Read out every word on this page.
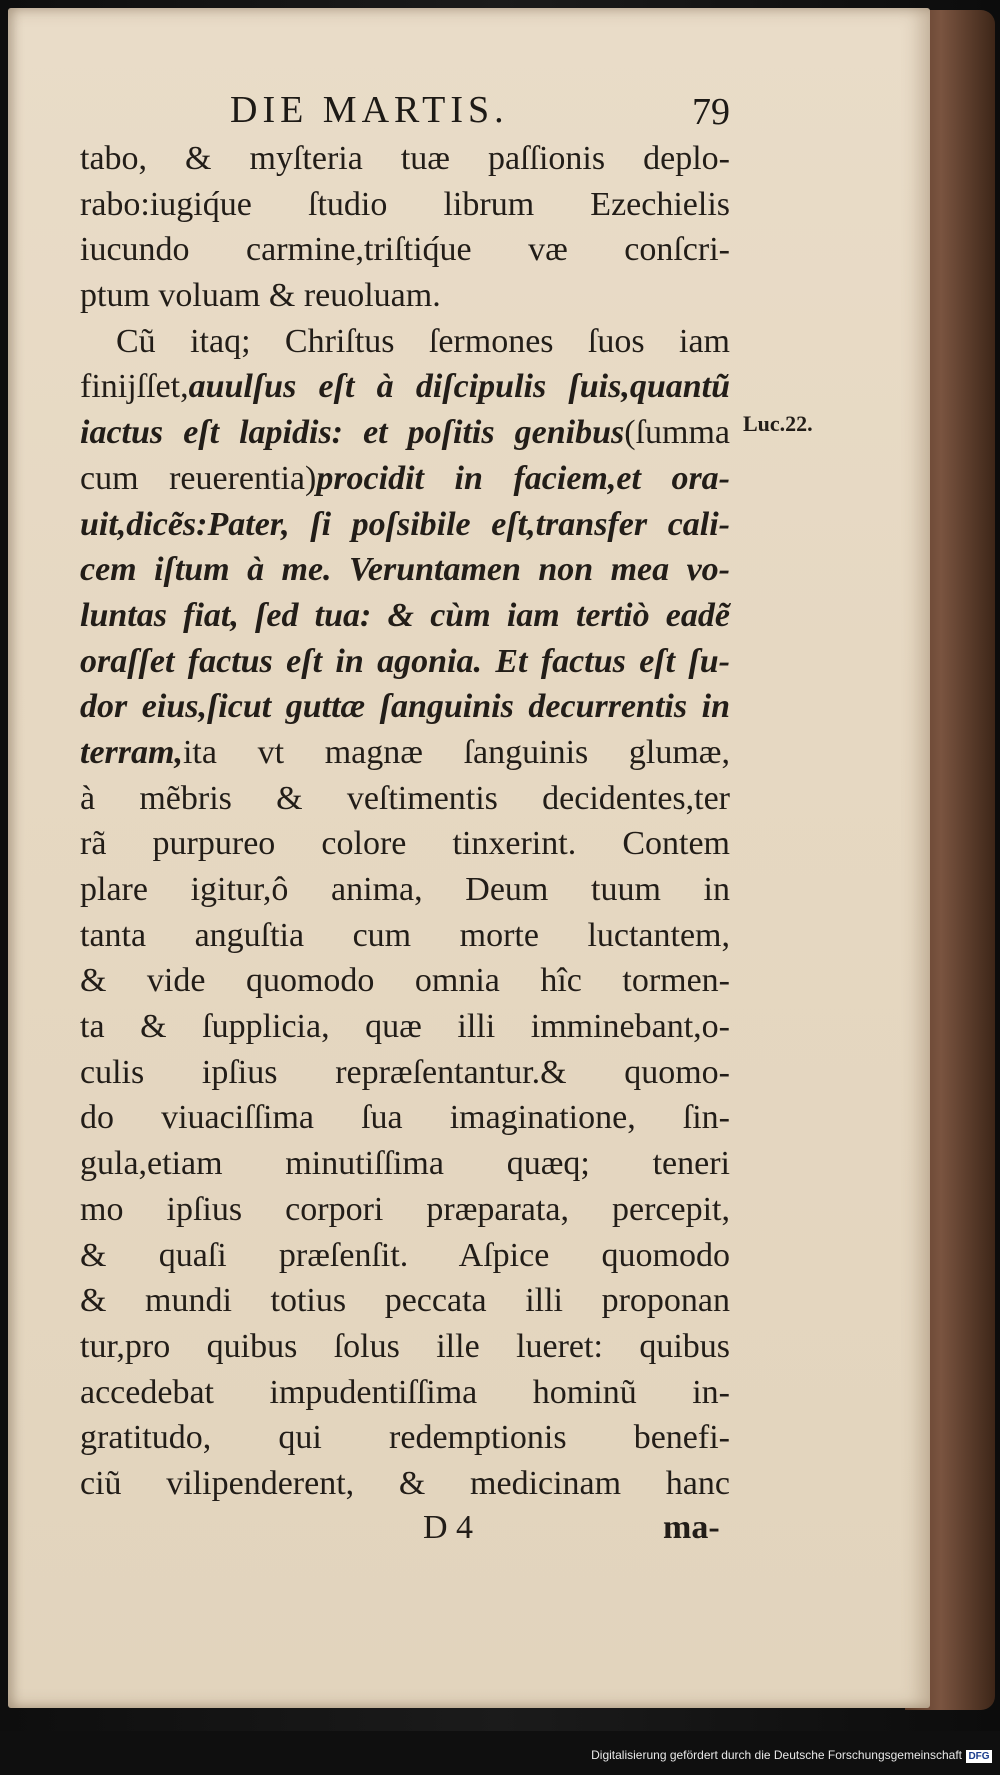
DIE MARTIS.	79
tabo, & myſteria tuæ paſſionis deplo-
rabo:iugiq́ue ſtudio librum Ezechielis
iucundo carmine,triſtiq́ue væ conſcri-
ptum voluam & reuoluam.
Cũ itaq; Chriſtus ſermones ſuos iam
finijſſet,auulſus eſt à diſcipulis ſuis,quantũ
iactus eſt lapidis: et poſitis genibus(ſumma
cum reuerentia)procidit in faciem,et ora-
uit,dicẽs:Pater, ſi poſsibile eſt,transfer cali-
cem iſtum à me. Veruntamen non mea vo-
luntas fiat, ſed tua: & cùm iam tertiò eadẽ
oraſſet factus eſt in agonia. Et factus eſt ſu-
dor eius,ſicut guttæ ſanguinis decurrentis in
terram,ita vt magnæ ſanguinis glumæ,
à mẽbris & veſtimentis decidentes,ter
rã purpureo colore tinxerint. Contem
plare igitur,ô anima, Deum tuum in
tanta anguſtia cum morte luctantem,
& vide quomodo omnia hîc tormen-
ta & ſupplicia, quæ illi imminebant,o-
culis ipſius repræſentantur.& quomo-
do viuaciſſima ſua imaginatione, ſin-
gula,etiam minutiſſima quæq; teneri
mo ipſius corpori præparata, percepit,
& quaſi præſenſit. Aſpice quomodo
& mundi totius peccata illi proponan
tur,pro quibus ſolus ille lueret: quibus
accedebat impudentiſſima hominũ in-
gratitudo, qui redemptionis benefi-
ciũ vilipenderent, & medicinam hanc
Luc.22.
D 4	ma-
Digitalisierung gefördert durch die Deutsche Forschungsgemeinschaft DFG
